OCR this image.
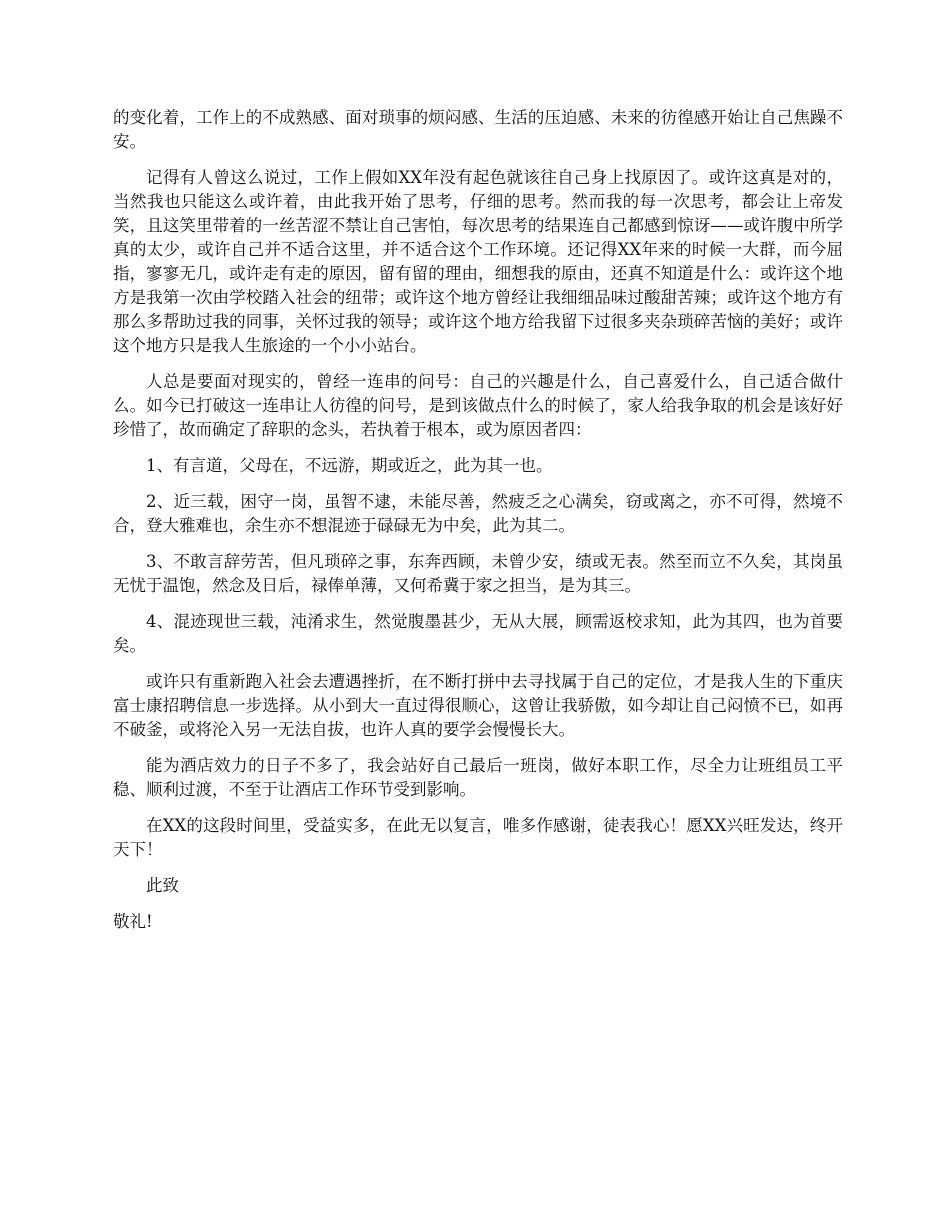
的变化着，工作上的不成熟感、面对琐事的烦闷感、生活的压迫感、未来的彷徨感开始让自己焦躁不安。

记得有人曾这么说过，工作上假如XX年没有起色就该往自己身上找原因了。或许这真是对的，当然我也只能这么或许着，由此我开始了思考，仔细的思考。然而我的每一次思考，都会让上帝发笑，且这笑里带着的一丝苦涩不禁让自己害怕，每次思考的结果连自己都感到惊讶——或许腹中所学真的太少，或许自己并不适合这里，并不适合这个工作环境。还记得XX年来的时候一大群，而今屈指，寥寥无几，或许走有走的原因，留有留的理由，细想我的原由，还真不知道是什么：或许这个地方是我第一次由学校踏入社会的纽带；或许这个地方曾经让我细细品味过酸甜苦辣；或许这个地方有那么多帮助过我的同事，关怀过我的领导；或许这个地方给我留下过很多夹杂琐碎苦恼的美好；或许这个地方只是我人生旅途的一个小小站台。

人总是要面对现实的，曾经一连串的问号：自己的兴趣是什么，自己喜爱什么，自己适合做什么。如今已打破这一连串让人彷徨的问号，是到该做点什么的时候了，家人给我争取的机会是该好好珍惜了，故而确定了辞职的念头，若执着于根本，或为原因者四：

1、有言道，父母在，不远游，期或近之，此为其一也。

2、近三载，困守一岗，虽智不逮，未能尽善，然疲乏之心满矣，窃或离之，亦不可得，然境不合，登大雅难也，余生亦不想混迹于碌碌无为中矣，此为其二。

3、不敢言辞劳苦，但凡琐碎之事，东奔西顾，未曾少安，绩或无表。然至而立不久矣，其岗虽无忧于温饱，然念及日后，禄俸单薄，又何希冀于家之担当，是为其三。

4、混迹现世三载，沌淆求生，然觉腹墨甚少，无从大展，顾需返校求知，此为其四，也为首要矣。

或许只有重新跑入社会去遭遇挫折，在不断打拼中去寻找属于自己的定位，才是我人生的下重庆富士康招聘信息一步选择。从小到大一直过得很顺心，这曾让我骄傲，如今却让自己闷愤不已，如再不破釜，或将沦入另一无法自拔，也许人真的要学会慢慢长大。

能为酒店效力的日子不多了，我会站好自己最后一班岗，做好本职工作，尽全力让班组员工平稳、顺利过渡，不至于让酒店工作环节受到影响。

在XX的这段时间里，受益实多，在此无以复言，唯多作感谢，徒表我心！愿XX兴旺发达，终开天下！

此致

敬礼!
